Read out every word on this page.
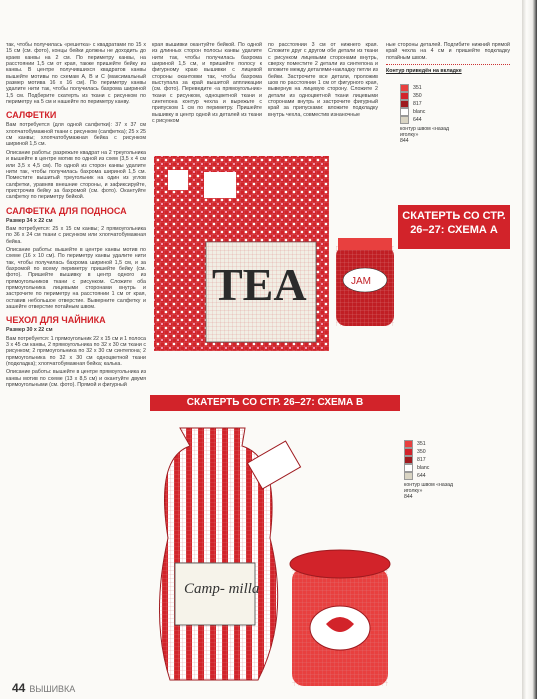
так, чтобы получилась «решетка» с квадратами по 15 х 15 см (см. фото), концы бейки должны не доходить до краев канвы на 2 см. По периметру канвы, на расстоянии 1,5 см от края, также пришейте бейку из канвы. В центре получившихся квадратов канвы вышейте мотивы по схемам А, В и С (максимальный размер мотива 16 х 16 см). По периметру канвы удалите нити так, чтобы получилась бахрома шириной 1,5 см. Подберите скатерть из ткани с рисунком по периметру на 5 см и нашейте по периметру канву.

САЛФЕТКИ

Вам потребуется (для одной салфетки): 37 х 37 см хлопчатобумажной ткани с рисунком (салфетка); 25 х 25 см канвы; хлопчатобумажная бейка с рисунком шириной 1,5 см.

Описание работы: разрежьте квадрат на 2 треугольника и вышейте в центре мотив по одной из схем (3,5 х 4 см или 3,5 х 4,5 см). По одной из сторон канвы удалите нити так, чтобы получилась бахрома шириной 1,5 см. Поместите вышитый треугольник на один из углов салфетки, уравняв внешние стороны, и зафиксируйте, пристрочив бейку за бахромой (см. фото). Окантуйте салфетку по периметру бейкой.

САЛФЕТКА ДЛЯ ПОДНОСА

Размер 34 х 22 см

Вам потребуется: 25 х 15 см канвы; 2 прямоугольника по 36 х 24 см ткани с рисунком или хлопчатобумажная бейка.

Описание работы: вышейте в центре канвы мотив по схеме (16 х 10 см). По периметру канвы удалите нити так, чтобы получилась бахрома шириной 1,5 см, и за бахромой по всему периметру пришейте бейку (см. фото). Пришейте вышивку в центр одного из прямоугольников ткани с рисунком. Сложите оба прямоугольника лицевыми сторонами внутрь и застрочите по периметру на расстоянии 1 см от края, оставив небольшое отверстие. Выверните салфетку и зашейте отверстие потайным швом.

ЧЕХОЛ ДЛЯ ЧАЙНИКА

Размер 30 х 22 см

Вам потребуется: 1 прямоугольник 22 х 15 см и 1 полоса 3 х 45 см канвы, 2 прямоугольника по 32 х 30 см ткани с рисунком; 2 прямоугольника по 32 х 30 см синтепона; 2 прямоугольника по 32 х 30 см одноцветной ткани (подкладка); хлопчатобумажная бейка; калька.

Описание работы: вышейте в центре прямоугольника из канвы мотив по схеме (13 х 8,5 см) и окантуйте двумя прямоугольными (см. фото). Прямой и фигурный

края вышивки окантуйте бейкой. По одной из длинных сторон полосы канвы удалите нити так, чтобы получилась бахрома шириной 1,5 см, и пришейте полосу к фигурному краю вышивки с лицевой стороны окантовки так, чтобы бахрома выступала за край вышитой аппликации (см. фото). Переведите «а прямоугольник» ткани с рисунком, одноцветной ткани и синтепона контур чехла и вырежьте с припуском 1 см по периметру. Пришейте вышивку в центр одной из деталей из ткани с рисунком

по расстоянии 3 см от нижнего края. Сложите друг с другом обе детали из ткани с рисунком лицевыми сторонами внутрь, сверху поместите 2 детали из синтепона и вложите между деталями-накладку петли из бейки. Застрочите все детали, проложив шов по расстоянии 1 см от фигурного края, вывернув на лицевую сторону. Сложите 2 детали из одноцветной ткани лицевыми сторонами внутрь и застрочите фигурный край за припусками: вложите подкладку внутрь чехла, совместив изнаночные

ные стороны деталей. Подгибите нижний прямой край чехла на 4 см и пришейте подкладку потайным швом.

Контур приведён на вкладке

351
350
817
blanc
644
контур швом «назад иголку»
844
СКАТЕРТЬ СО СТР. 26–27: СХЕМА А
TEA	JAM
СКАТЕРТЬ СО СТР. 26–27: СХЕМА В
351
350
817
blanc
644
контур швом «назад иголку»
844
Camp- milla
44 ВЫШИВКА
